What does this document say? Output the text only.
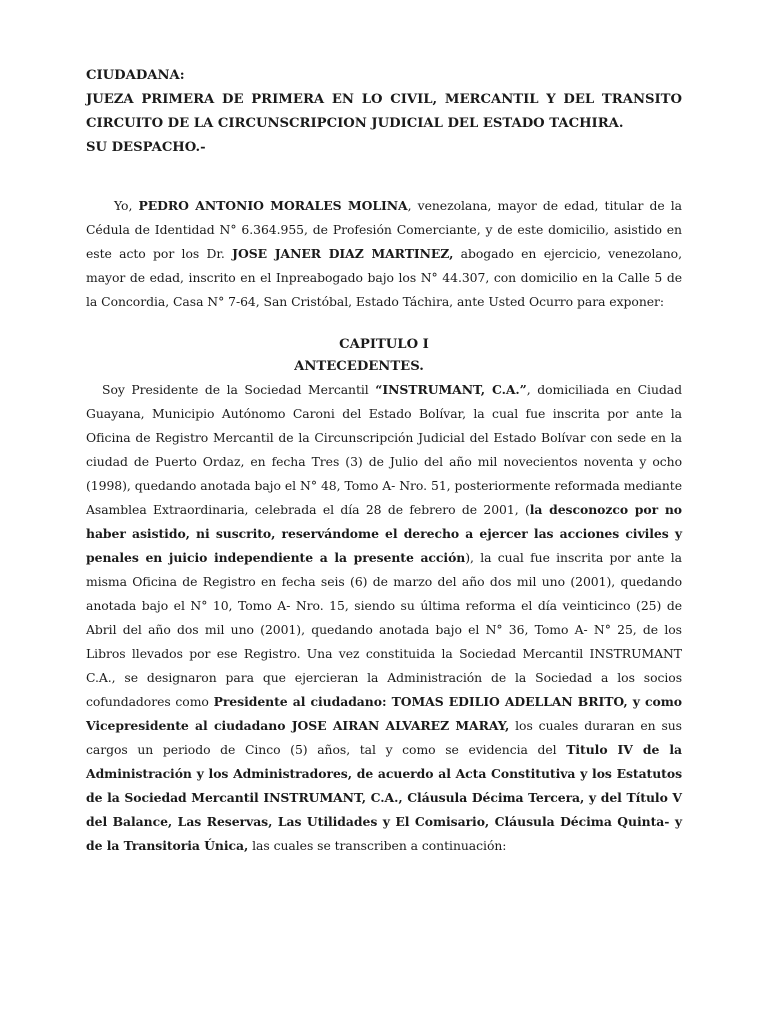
CIUDADANA:

JUEZA PRIMERA DE PRIMERA EN LO CIVIL, MERCANTIL Y DEL TRANSITO

CIRCUITO DE LA CIRCUNSCRIPCION JUDICIAL DEL ESTADO TACHIRA.

SU DESPACHO.-

Yo, PEDRO ANTONIO MORALES MOLINA, venezolana, mayor de edad, titular de la Cédula de Identidad N° 6.364.955, de Profesión Comerciante, y de este domicilio, asistido en este acto por los Dr. JOSE JANER DIAZ MARTINEZ, abogado en ejercicio, venezolano, mayor de edad, inscrito en el Inpreabogado bajo los N° 44.307, con domicilio en la Calle 5 de la Concordia, Casa N° 7-64, San Cristóbal, Estado Táchira, ante Usted Ocurro para exponer:

CAPITULO I

ANTECEDENTES.

Soy Presidente de la Sociedad Mercantil “INSTRUMANT, C.A.”, domiciliada en Ciudad Guayana, Municipio Autónomo Caroni del Estado Bolívar, la cual fue inscrita por ante la Oficina de Registro Mercantil de la Circunscripción Judicial del Estado Bolívar con sede en la ciudad de Puerto Ordaz, en fecha Tres (3) de Julio del año mil novecientos noventa y ocho (1998), quedando anotada bajo el N° 48, Tomo A- Nro. 51, posteriormente reformada mediante Asamblea Extraordinaria, celebrada el día 28 de febrero de 2001, (la desconozco por no haber asistido, ni suscrito, reservándome el derecho a ejercer las acciones civiles y penales en juicio independiente a la presente acción), la cual fue inscrita por ante la misma Oficina de Registro en fecha seis (6) de marzo del año dos mil uno (2001), quedando anotada bajo el N° 10, Tomo A- Nro. 15, siendo su última reforma el día veinticinco (25) de Abril del año dos mil uno (2001), quedando anotada bajo el N° 36, Tomo A- N° 25, de los Libros llevados por ese Registro. Una vez constituida la Sociedad Mercantil INSTRUMANT C.A., se designaron para que ejercieran la Administración de la Sociedad a los socios cofundadores como Presidente al ciudadano: TOMAS EDILIO ADELLAN BRITO, y como Vicepresidente al ciudadano JOSE AIRAN ALVAREZ MARAY, los cuales duraran en sus cargos un periodo de Cinco (5) años, tal y como se evidencia del Titulo IV de la Administración y los Administradores, de acuerdo al Acta Constitutiva y los Estatutos de la Sociedad Mercantil INSTRUMANT, C.A., Cláusula Décima Tercera, y del Título V del Balance, Las Reservas, Las Utilidades y El Comisario, Cláusula Décima Quinta- y de la Transitoria Única, las cuales se transcriben a continuación:
